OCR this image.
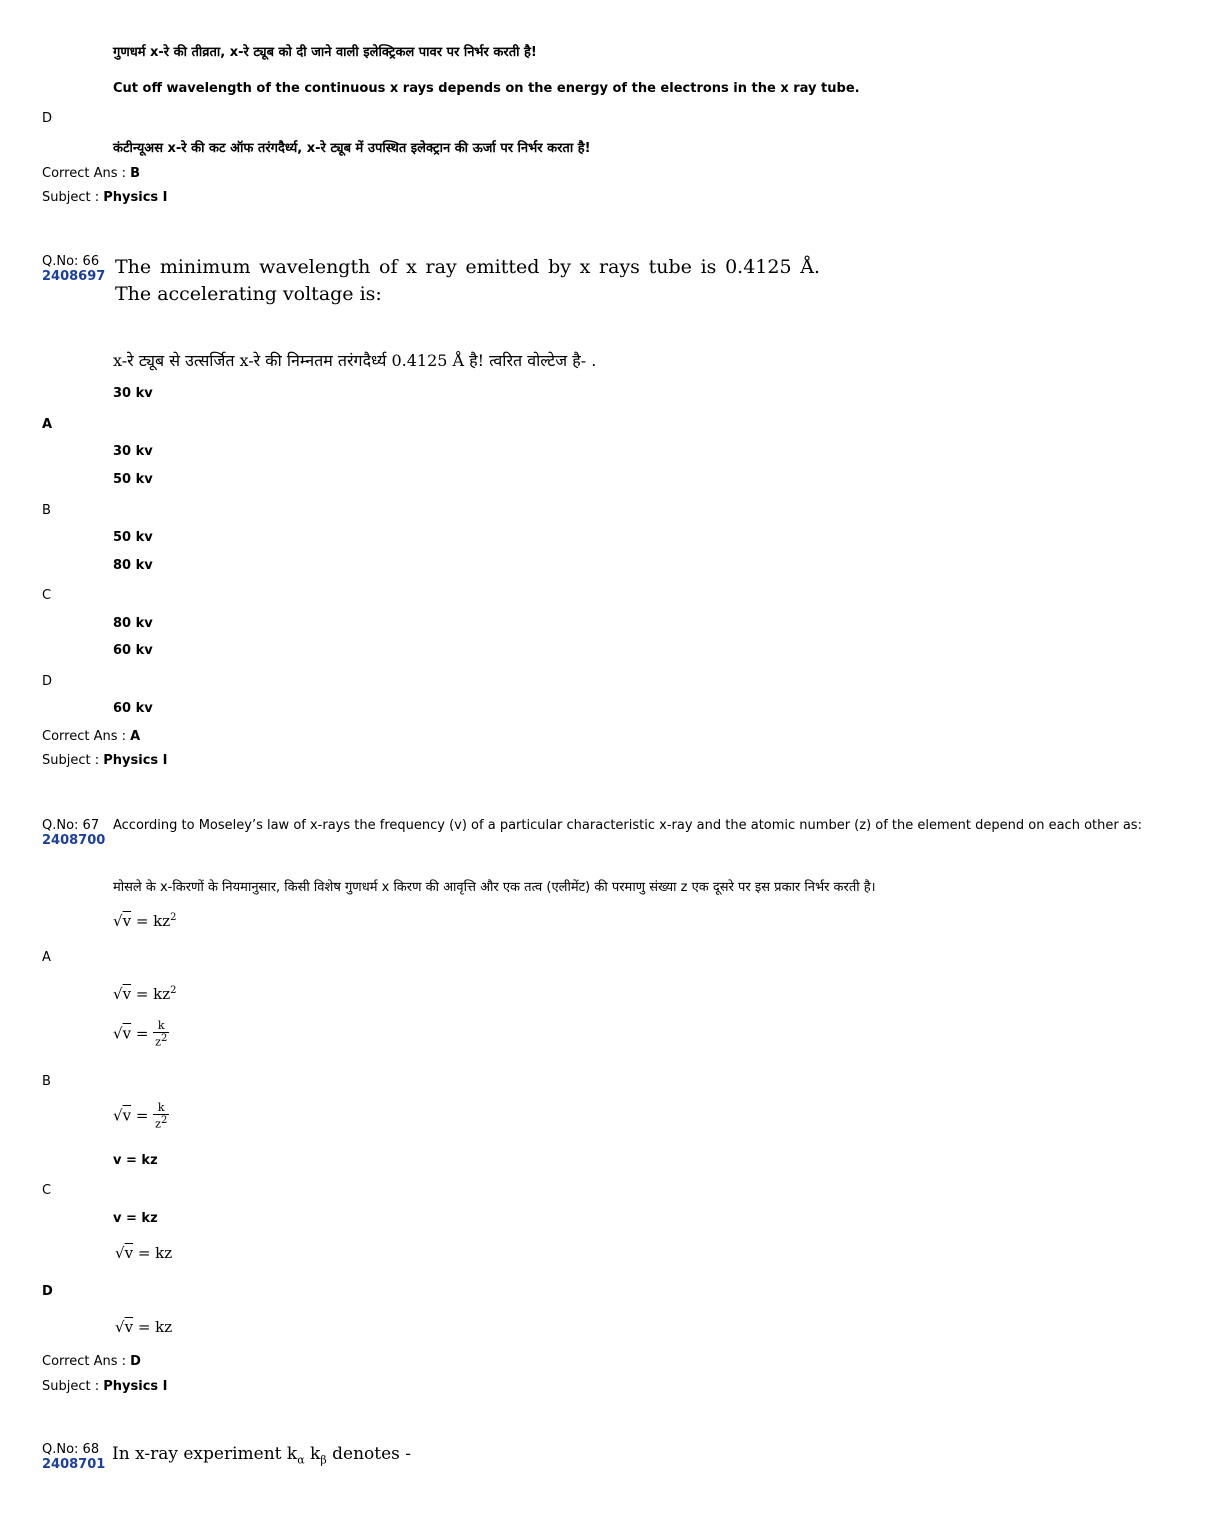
गुणधर्म x-रे की तीव्रता, x-रे ट्यूब को दी जाने वाली इलेक्ट्रिकल पावर पर निर्भर करती है!
Cut off wavelength of the continuous x rays depends on the energy of the electrons in the x ray tube.
D
कंटीन्यूअस x-रे की कट ऑफ तरंगदैर्ध्य, x-रे ट्यूब में उपस्थित इलेक्ट्रान की ऊर्जा पर निर्भर करता है!
Correct Ans : B
Subject : Physics I
Q.No: 66
2408697 The minimum wavelength of x ray emitted by x rays tube is 0.4125 Å. The accelerating voltage is:
x-रे ट्यूब से उत्सर्जित x-रे की निम्नतम तरंगदैर्ध्य 0.4125 Å है! त्वरित वोल्टेज है- .
30 kv
A
30 kv
50 kv
B
50 kv
80 kv
C
80 kv
60 kv
D
60 kv
Correct Ans : A
Subject : Physics I
Q.No: 67
2408700
According to Moseley’s law of x-rays the frequency (v) of a particular characteristic x-ray and the atomic number (z) of the element depend on each other as:
मोसले के x-किरणों के नियमानुसार, किसी विशेष गुणधर्म x किरण की आवृत्ति और एक तत्व (एलीमेंट) की परमाणु संख्या z एक दूसरे पर इस प्रकार निर्भर करती है।
$√v = kz^2$
A
$√v = kz^2$
$√v = \frac{k}{z^2}$
B
$√v = \frac{k}{z^2}$
v = kz
C
v = kz
√v = kz
D
√v = kz
Correct Ans : D
Subject : Physics I
Q.No: 68
2408701
In x-ray experiment $k_\alpha$ $k_\beta$ denotes -
